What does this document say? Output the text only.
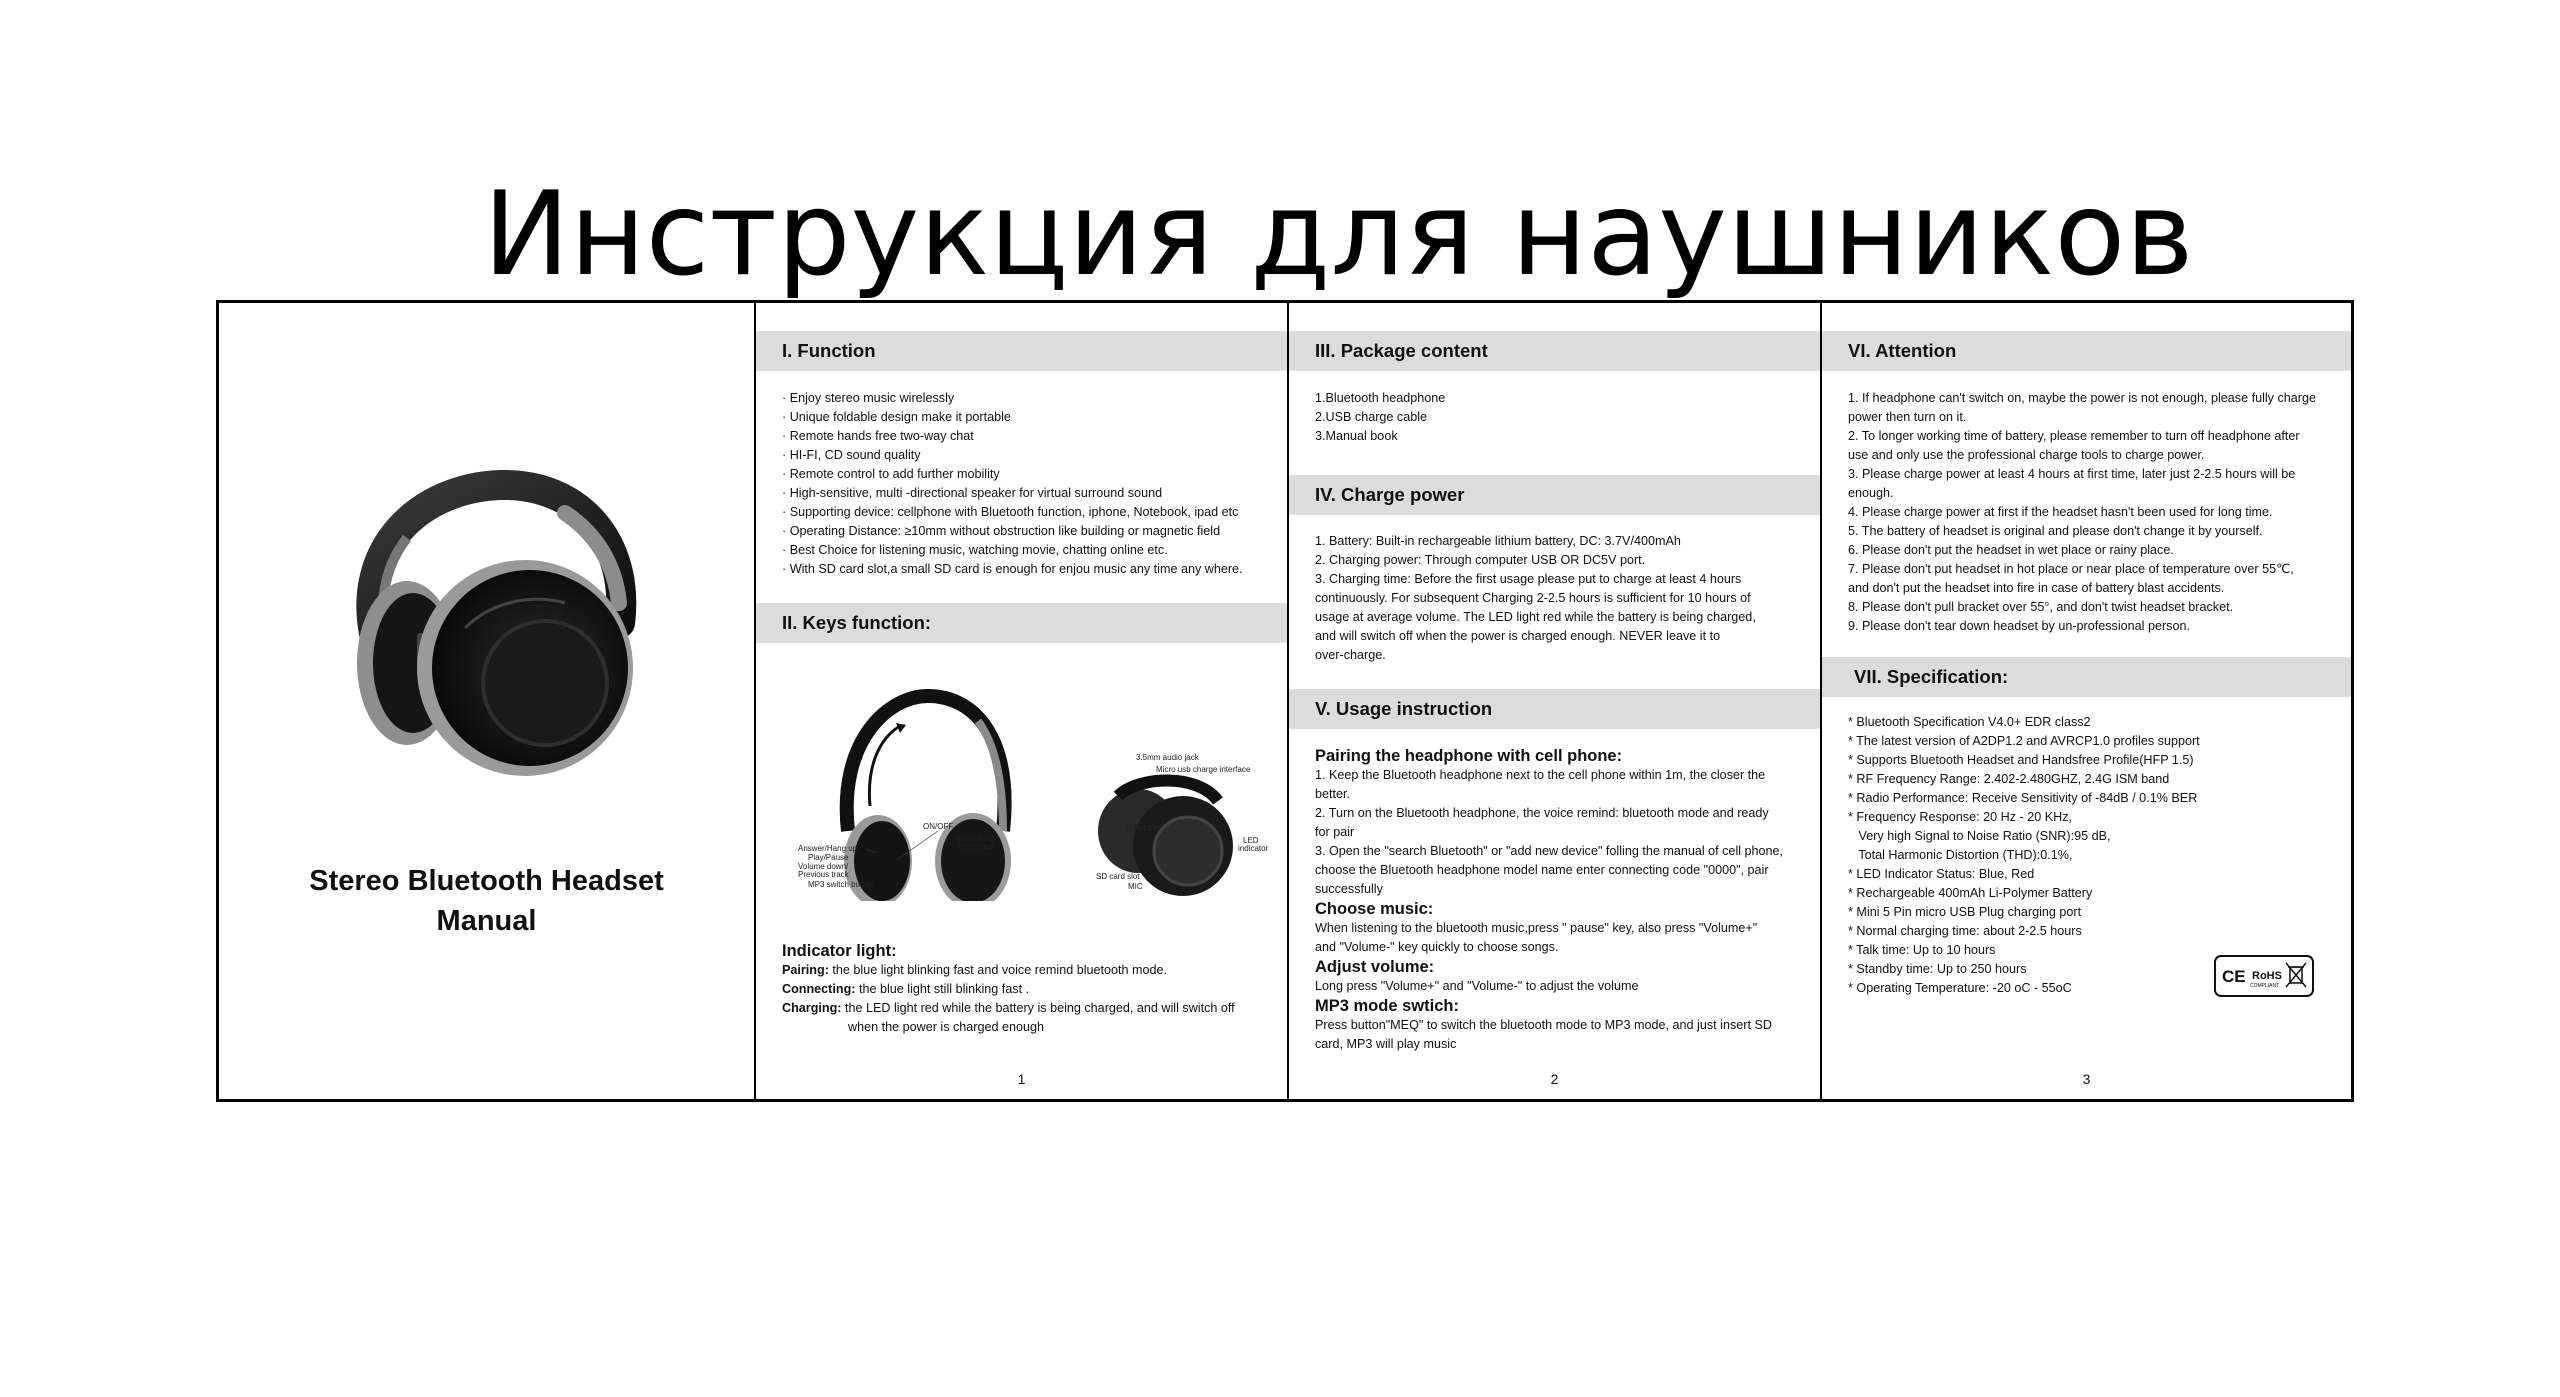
Инструкция для наушников
Stereo
Stereo Bluetooth Headset
Manual
I. Function

· Enjoy stereo music wirelessly

· Unique foldable design make it portable

· Remote hands free two-way chat

· HI-FI, CD sound quality

· Remote control to add further mobility

· High-sensitive, multi -directional speaker for virtual surround sound

· Supporting device: cellphone with Bluetooth function, iphone, Notebook, ipad etc

· Operating Distance: ≥10mm without obstruction like building or magnetic field

· Best Choice for listening music, watching movie, chatting online etc.

· With SD card slot,a small SD card is enough for enjou music any time any where.

II. Keys function:
Answer/Hang up
Play/Pause
Volume down/
Previous track
MP3 switch button
ON/OFF
Volume up/
Next track
Stereo
3.5mm audio jack
Micro usb charge interface
LED
indicator
SD card slot
MIC

Indicator light:

Pairing: the blue light blinking fast and voice remind bluetooth mode.

Connecting: the blue light still blinking fast .

Charging: the LED light red while the battery is being charged, and will switch off

when the power is charged enough

1
III. Package content

1.Bluetooth headphone

2.USB charge cable

3.Manual book

IV. Charge power

1. Battery: Built-in rechargeable lithium battery, DC: 3.7V/400mAh

2. Charging power: Through computer USB OR DC5V port.

3. Charging time: Before the first usage please put to charge at least 4 hours

continuously. For subsequent Charging 2-2.5 hours is sufficient for 10 hours of

usage at average volume. The LED light red while the battery is being charged,

and will switch off when the power is charged enough. NEVER leave it to

over-charge.

V. Usage instruction

Pairing the headphone with cell phone:

1. Keep the Bluetooth headphone next to the cell phone within 1m, the closer the

better.

2. Turn on the Bluetooth headphone, the voice remind: bluetooth mode and ready

for pair

3. Open the "search Bluetooth" or "add new device" folling the manual of cell phone,

choose the Bluetooth headphone model name enter connecting code "0000", pair

successfully

Choose music:

When listening to the bluetooth music,press " pause" key, also press "Volume+"

and "Volume-" key quickly to choose songs.

Adjust volume:

Long press "Volume+" and "Volume-" to adjust the volume

MP3 mode swtich:

Press button"MEQ" to switch the bluetooth mode to MP3 mode, and just insert SD

card, MP3 will play music

2
VI. Attention

1. If headphone can't switch on, maybe the power is not enough, please fully charge

power then turn on it.

2. To longer working time of battery, please remember to turn off headphone after

use and only use the professional charge tools to charge power.

3. Please charge power at least 4 hours at first time, later just 2-2.5 hours will be

enough.

4. Please charge power at first if the headset hasn't been used for long time.

5. The battery of headset is original and please don't change it by yourself.

6. Please don't put the headset in wet place or rainy place.

7. Please don't put headset in hot place or near place of temperature over 55℃,

and don't put the headset into fire in case of battery blast accidents.

8. Please don't pull bracket over 55°, and don't twist headset bracket.

9. Please don't tear down headset by un-professional person.

VII. Specification:

* Bluetooth Specification V4.0+ EDR class2

* The latest version of A2DP1.2 and AVRCP1.0 profiles support

* Supports Bluetooth Headset and Handsfree Profile(HFP 1.5)

* RF Frequency Range: 2.402-2.480GHZ, 2.4G ISM band

* Radio Performance: Receive Sensitivity of -84dB / 0.1% BER

* Frequency Response: 20 Hz - 20 KHz,

Very high Signal to Noise Ratio (SNR):95 dB,

Total Harmonic Distortion (THD):0.1%,

* LED Indicator Status: Blue, Red

* Rechargeable 400mAh Li-Polymer Battery

* Mini 5 Pin micro USB Plug charging port

* Normal charging time: about 2-2.5 hours

* Talk time: Up to 10 hours

* Standby time: Up to 250 hours

* Operating Temperature: -20 oC - 55oC

CE RoHS
COMPLIANT
3
